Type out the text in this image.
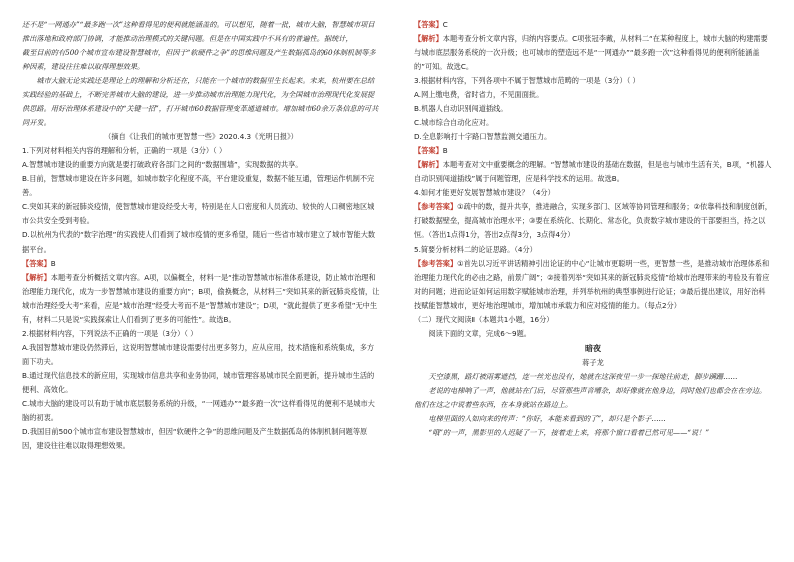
还不是“一网通办”“最多跑一次”这种看得见的便利就能涵盖的。可以想见，随着一批，城市大脑，智慧城市项目推出落地和政府部门协调，才能推动治理模式的关键问题。但是在中国实践中不具有的普遍性。据统计，

截至目前的有500个城市宣布建设智慧城市，但因于“软硬件之争”的思维问题及产生数据孤岛的60体制机制等多种因素，建设往往难以取得理想效果。

城市大脑无论实践还是理论上的理解和分析还在，只能在一个城市的数据里生长起来。未来，杭州要在总结实践经验的基础上，不断完善城市大脑的建设，进一步推动城市治理能力现代化，为全国城市治理现代化发展提供思路。用好治理体系建设中的“关键一招”，打开城市60数据管理变革通道城市。增加城市60余万条信息的可共同开发。

（摘自《让我们的城市更智慧一些》2020.4.3《光明日报》）

1.下列对材料相关内容的理解和分析，正确的一项是（3分）（ ）

A.智慧城市建设的重要方向就是要打破政府各部门之间的“数据围墙”，实现数据的共享。

B.目前，智慧城市建设在许多问题，如城市数字化程度不高，平台建设重复，数据不能互通，管理运作机制不完善。

C.突如其来的新冠肺炎疫情，使智慧城市建设经受大考，特别是在人口密度和人员流动、较快的人口稠密地区城市公共安全受到考验。

D.以杭州为代表的“数字治理”的实践使人们看到了城市疫情的更多希望，随后一些省市城市建立了城市智能大数据平台。

【答案】B

【解析】本题考查分析概括文章内容。A项，以偏概全，材料一是“推动智慧城市标准体系建设，防止城市治理和治理能力现代化，成为一步智慧城市建设的重要方向”；B项，偷换概念，从材料三“突如其来的新冠肺炎疫情，让城市治理经受大考”来看，应是“城市治理”经受大考而不是“智慧城市建设”；D项，“就此提供了更多希望”无中生有，材料二只是说“实践探索让人们看到了更多的可能性”。故选B。

2.根据材料内容，下列说法不正确的一项是（3分）（ ）

A.我国智慧城市建设仍然滞后，这说明智慧城市建设需要付出更多努力，应从应用，技术措施和系统集成，多方面下功夫。

B.通过现代信息技术的新应用，实现城市信息共享和业务协同，城市管理容易城市民全面更新，提升城市生活的便利、高效化。

C.城市大脑的建设可以有助于城市底层服务系统的升级，“一网通办”“最多跑一次”这样看得见的便利不是城市大脑的初衷。

D.我国目前500个城市宣布建设智慧城市，但因“软硬件之争”的思维问题及产生数据孤岛的体制机制问题等原因，建设往往难以取得理想效果。

【答案】C

【解析】本题考查分析文章内容，归纳内容要点。C项张冠李戴，从材料二“在某种程度上，城市大脑的构建需要与城市底层服务系统的一次升级；也可城市的塑造远不是“一网通办”“最多跑一次”这种看得见的便利所能涵盖的”可知。故选C。

3.根据材料内容，下列各项中不属于智慧城市范畴的一项是（3分）（ ）

A.网上缴电费，省时省力，不见面面批。

B.机器人自动识别闯道插线。

C.城市综合自动化应对。

D.全息影响打十字路口智慧监测交通压力。

【答案】B

【解析】本题考查对文中重要概念的理解。“智慧城市建设的基础在数据，但是也与城市生活有关，B项，“机器人自动识别闯道插线”属于问题管理，应是科学技术的运用。故选B。

4.如何才能更好发展智慧城市建设？（4分）

【参考答案】①疏中的数，提升共享，推进融合，实现多部门、区域等协同管理和服务；②依靠科技和制度创新，打破数据壁垒，提高城市治理水平；③要在系统化、长期化、常态化，负责数字城市建设的干部要担当，持之以恒。（答出1点得1分，答出2点得3分，3点得4分）

5.简要分析材料二的论证思路。（4分）

【参考答案】①首先以习近平讲话精神引出论证的中心“让城市更聪明一些，更智慧一些，是推动城市治理体系和治理能力现代化的必由之路，前景广阔”；②接着列举“突如其来的新冠肺炎疫情”给城市治理带来的考验及有着应对的问题；进而论证如何运用数字赋能城市治理，并列举杭州的典型事例进行论证；③最后提出建议，用好治科技赋能智慧城市，更好地治理城市，增加城市承载力和应对疫情的能力。（每点2分）

（二）现代文阅读Ⅱ（本题共1小题，16分）

阅读下面的文章，完成6～9题。

暗夜

蒋子龙

天空漆黑，路灯被雨雾遮挡，连一丝光也没有，她就在这深夜里一步一探地往前走，脚步蹒跚……

老说的电梯响了一声，他就站在门后，尽管那些声音嘈杂，却好像就在他身边，同时他们也都会在在旁边。他们在这之中说着些东西，在本身就站在路边上。

电梯里面的人如向来的传声：“你好，本能来看到的了”，却只是个影子……

“哦”的一声，黑影里的人迟疑了一下，接着走上来，将那个窗口看着已然可见——“说！”
